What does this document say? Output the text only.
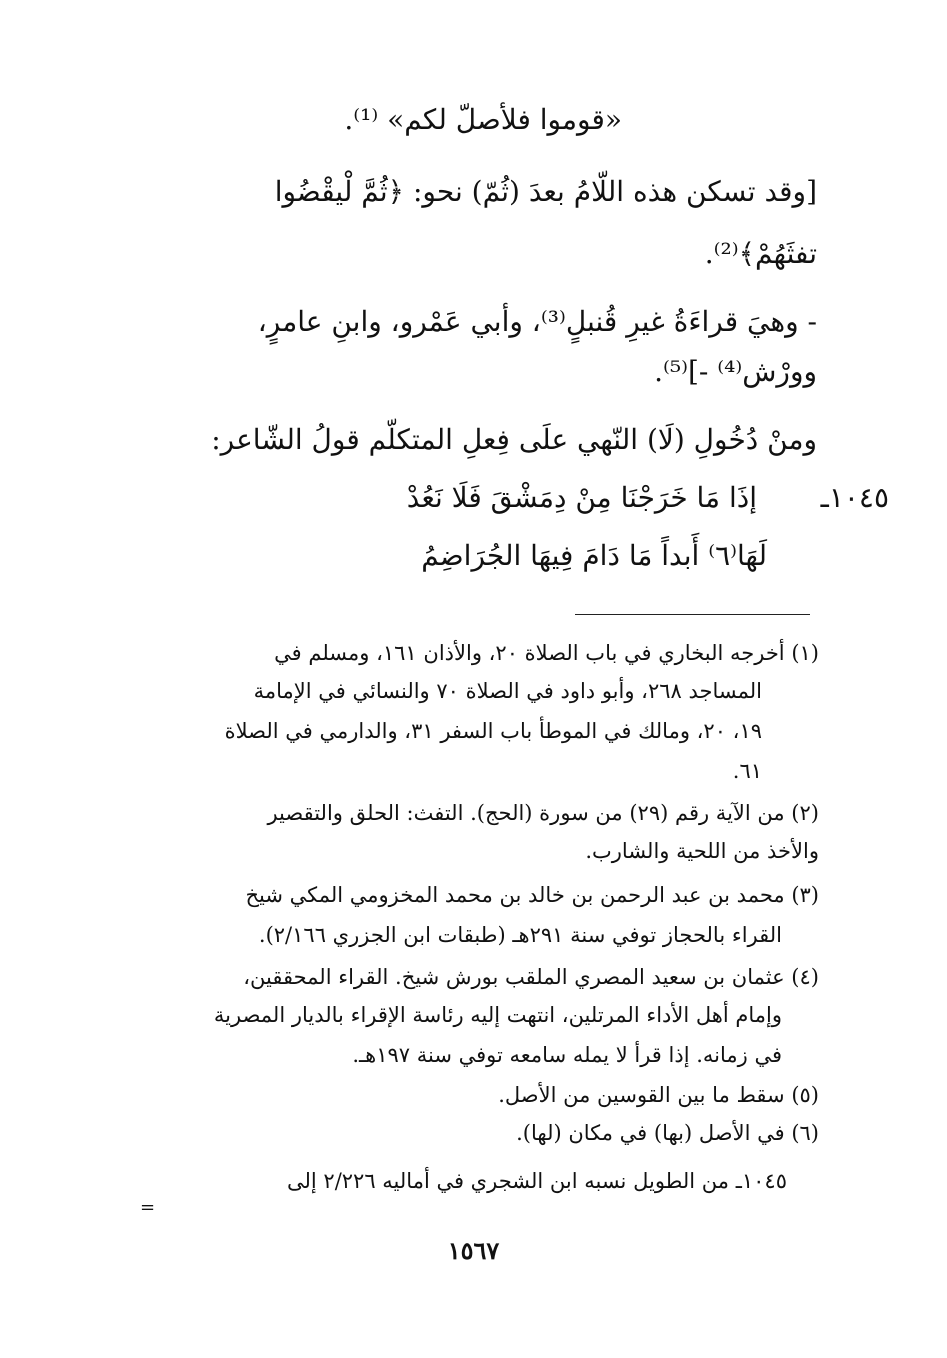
«قوموا فلأصلّ لكم» ⁽¹⁾.
[وقد تسكن هذه اللّامُ بعدَ (ثُمّ) نحو: ﴿ثُمَّ لْيقْضُوا
تفثَهُمْ﴾⁽²⁾.
- وهيَ قراءَةُ غيرِ قُنبلٍ⁽³⁾، وأبي عَمْرو، وابنِ عامرٍ،
وورْش⁽⁴⁾ -]⁽⁵⁾.
ومنْ دُخُولِ (لَا) النّهي علَى فِعلِ المتكلّم قولُ الشّاعر:
١٠٤٥ـ
إذَا مَا خَرَجْنَا مِنْ دِمَشْقَ فَلَا نَعُدْ
لَهَا⁽٦⁾ أَبداً مَا دَامَ فِيهَا الجُرَاضِمُ
(١) أخرجه البخاري في باب الصلاة ٢٠، والأذان ١٦١، ومسلم في
المساجد ٢٦٨، وأبو داود في الصلاة ٧٠ والنسائي في الإمامة
١٩، ٢٠، ومالك في الموطأ باب السفر ٣١، والدارمي في الصلاة
٦١.
(٢) من الآية رقم (٢٩) من سورة (الحج). التفث: الحلق والتقصير
والأخذ من اللحية والشارب.
(٣) محمد بن عبد الرحمن بن خالد بن محمد المخزومي المكي شيخ
القراء بالحجاز توفي سنة ٢٩١هـ (طبقات ابن الجزري ٢/١٦٦).
(٤) عثمان بن سعيد المصري الملقب بورش شيخ. القراء المحققين،
وإمام أهل الأداء المرتلين، انتهت إليه رئاسة الإقراء بالديار المصرية
في زمانه. إذا قرأ لا يمله سامعه توفي سنة ١٩٧هـ.
(٥) سقط ما بين القوسين من الأصل.
(٦) في الأصل (بها) في مكان (لها).
١٠٤٥ـ من الطويل نسبه ابن الشجري في أماليه ٢/٢٢٦ إلى
=
١٥٦٧
